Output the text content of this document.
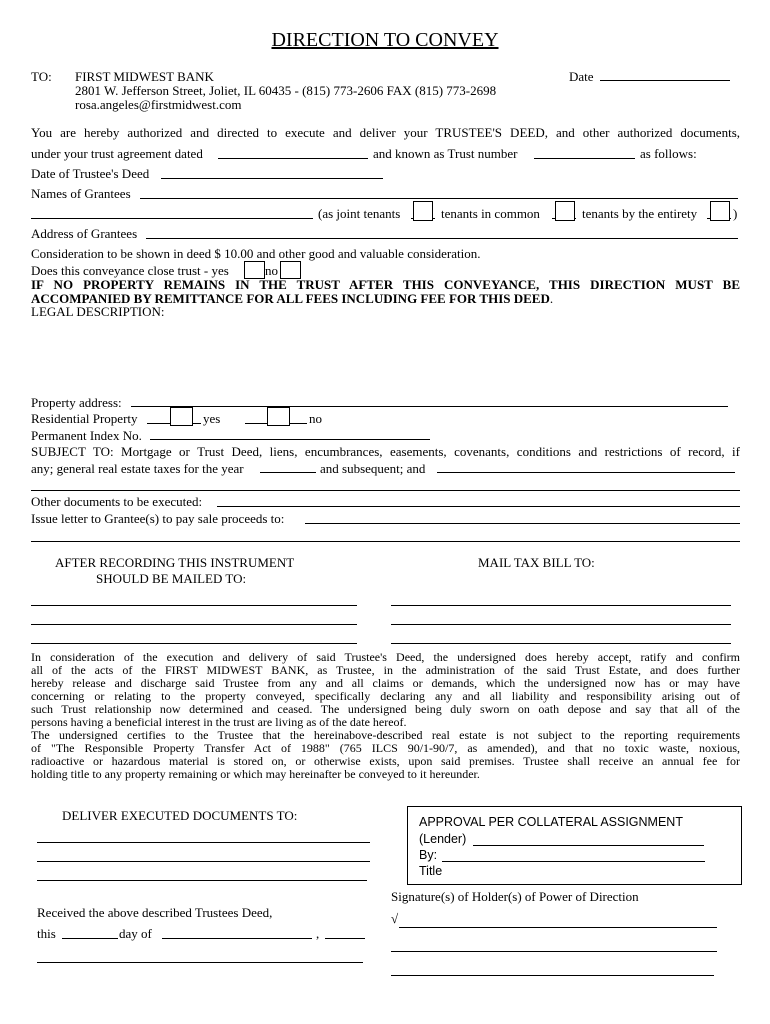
DIRECTION TO CONVEY
TO: FIRST MIDWEST BANK
2801 W. Jefferson Street, Joliet, IL 60435 - (815) 773-2606 FAX (815) 773-2698
rosa.angeles@firstmidwest.com
Date
You are hereby authorized and directed to execute and deliver your TRUSTEE'S DEED, and other authorized documents,
under your trust agreement dated	and known as Trust number	as follows:
Date of Trustee's Deed
Names of Grantees
(as joint tenants	tenants in common	tenants by the entirety	)
Address of Grantees
Consideration to be shown in deed $ 10.00 and other good and valuable consideration.
Does this conveyance close trust - yes	no
IF NO PROPERTY REMAINS IN THE TRUST AFTER THIS CONVEYANCE, THIS DIRECTION MUST BE
ACCOMPANIED BY REMITTANCE FOR ALL FEES INCLUDING FEE FOR THIS DEED.
LEGAL DESCRIPTION:
Property address:
Residential Property	yes	no
Permanent Index No.
SUBJECT TO: Mortgage or Trust Deed, liens, encumbrances, easements, covenants, conditions and restrictions of record, if
any; general real estate taxes for the year	and subsequent; and
Other documents to be executed:
Issue letter to Grantee(s) to pay sale proceeds to:
AFTER RECORDING THIS INSTRUMENT
SHOULD BE MAILED TO:
MAIL TAX BILL TO:
In consideration of the execution and delivery of said Trustee's Deed, the undersigned does hereby accept, ratify and confirm
all of the acts of the FIRST MIDWEST BANK, as Trustee, in the administration of the said Trust Estate, and does further
hereby release and discharge said Trustee from any and all claims or demands, which the undersigned now has or may have
concerning or relating to the property conveyed, specifically declaring any and all liability and responsibility arising out of
such Trust relationship now determined and ceased. The undersigned being duly sworn on oath depose and say that all of the
persons having a beneficial interest in the trust are living as of the date hereof.
The undersigned certifies to the Trustee that the hereinabove-described real estate is not subject to the reporting requirements
of "The Responsible Property Transfer Act of 1988" (765 ILCS 90/1-90/7, as amended), and that no toxic waste, noxious,
radioactive or hazardous material is stored on, or otherwise exists, upon said premises. Trustee shall receive an annual fee for
holding title to any property remaining or which may hereinafter be conveyed to it hereunder.
DELIVER EXECUTED DOCUMENTS TO:
Received the above described Trustees Deed,
this	day of	,
APPROVAL PER COLLATERAL ASSIGNMENT
(Lender)
By:
Title
Signature(s) of Holder(s) of Power of Direction
√
